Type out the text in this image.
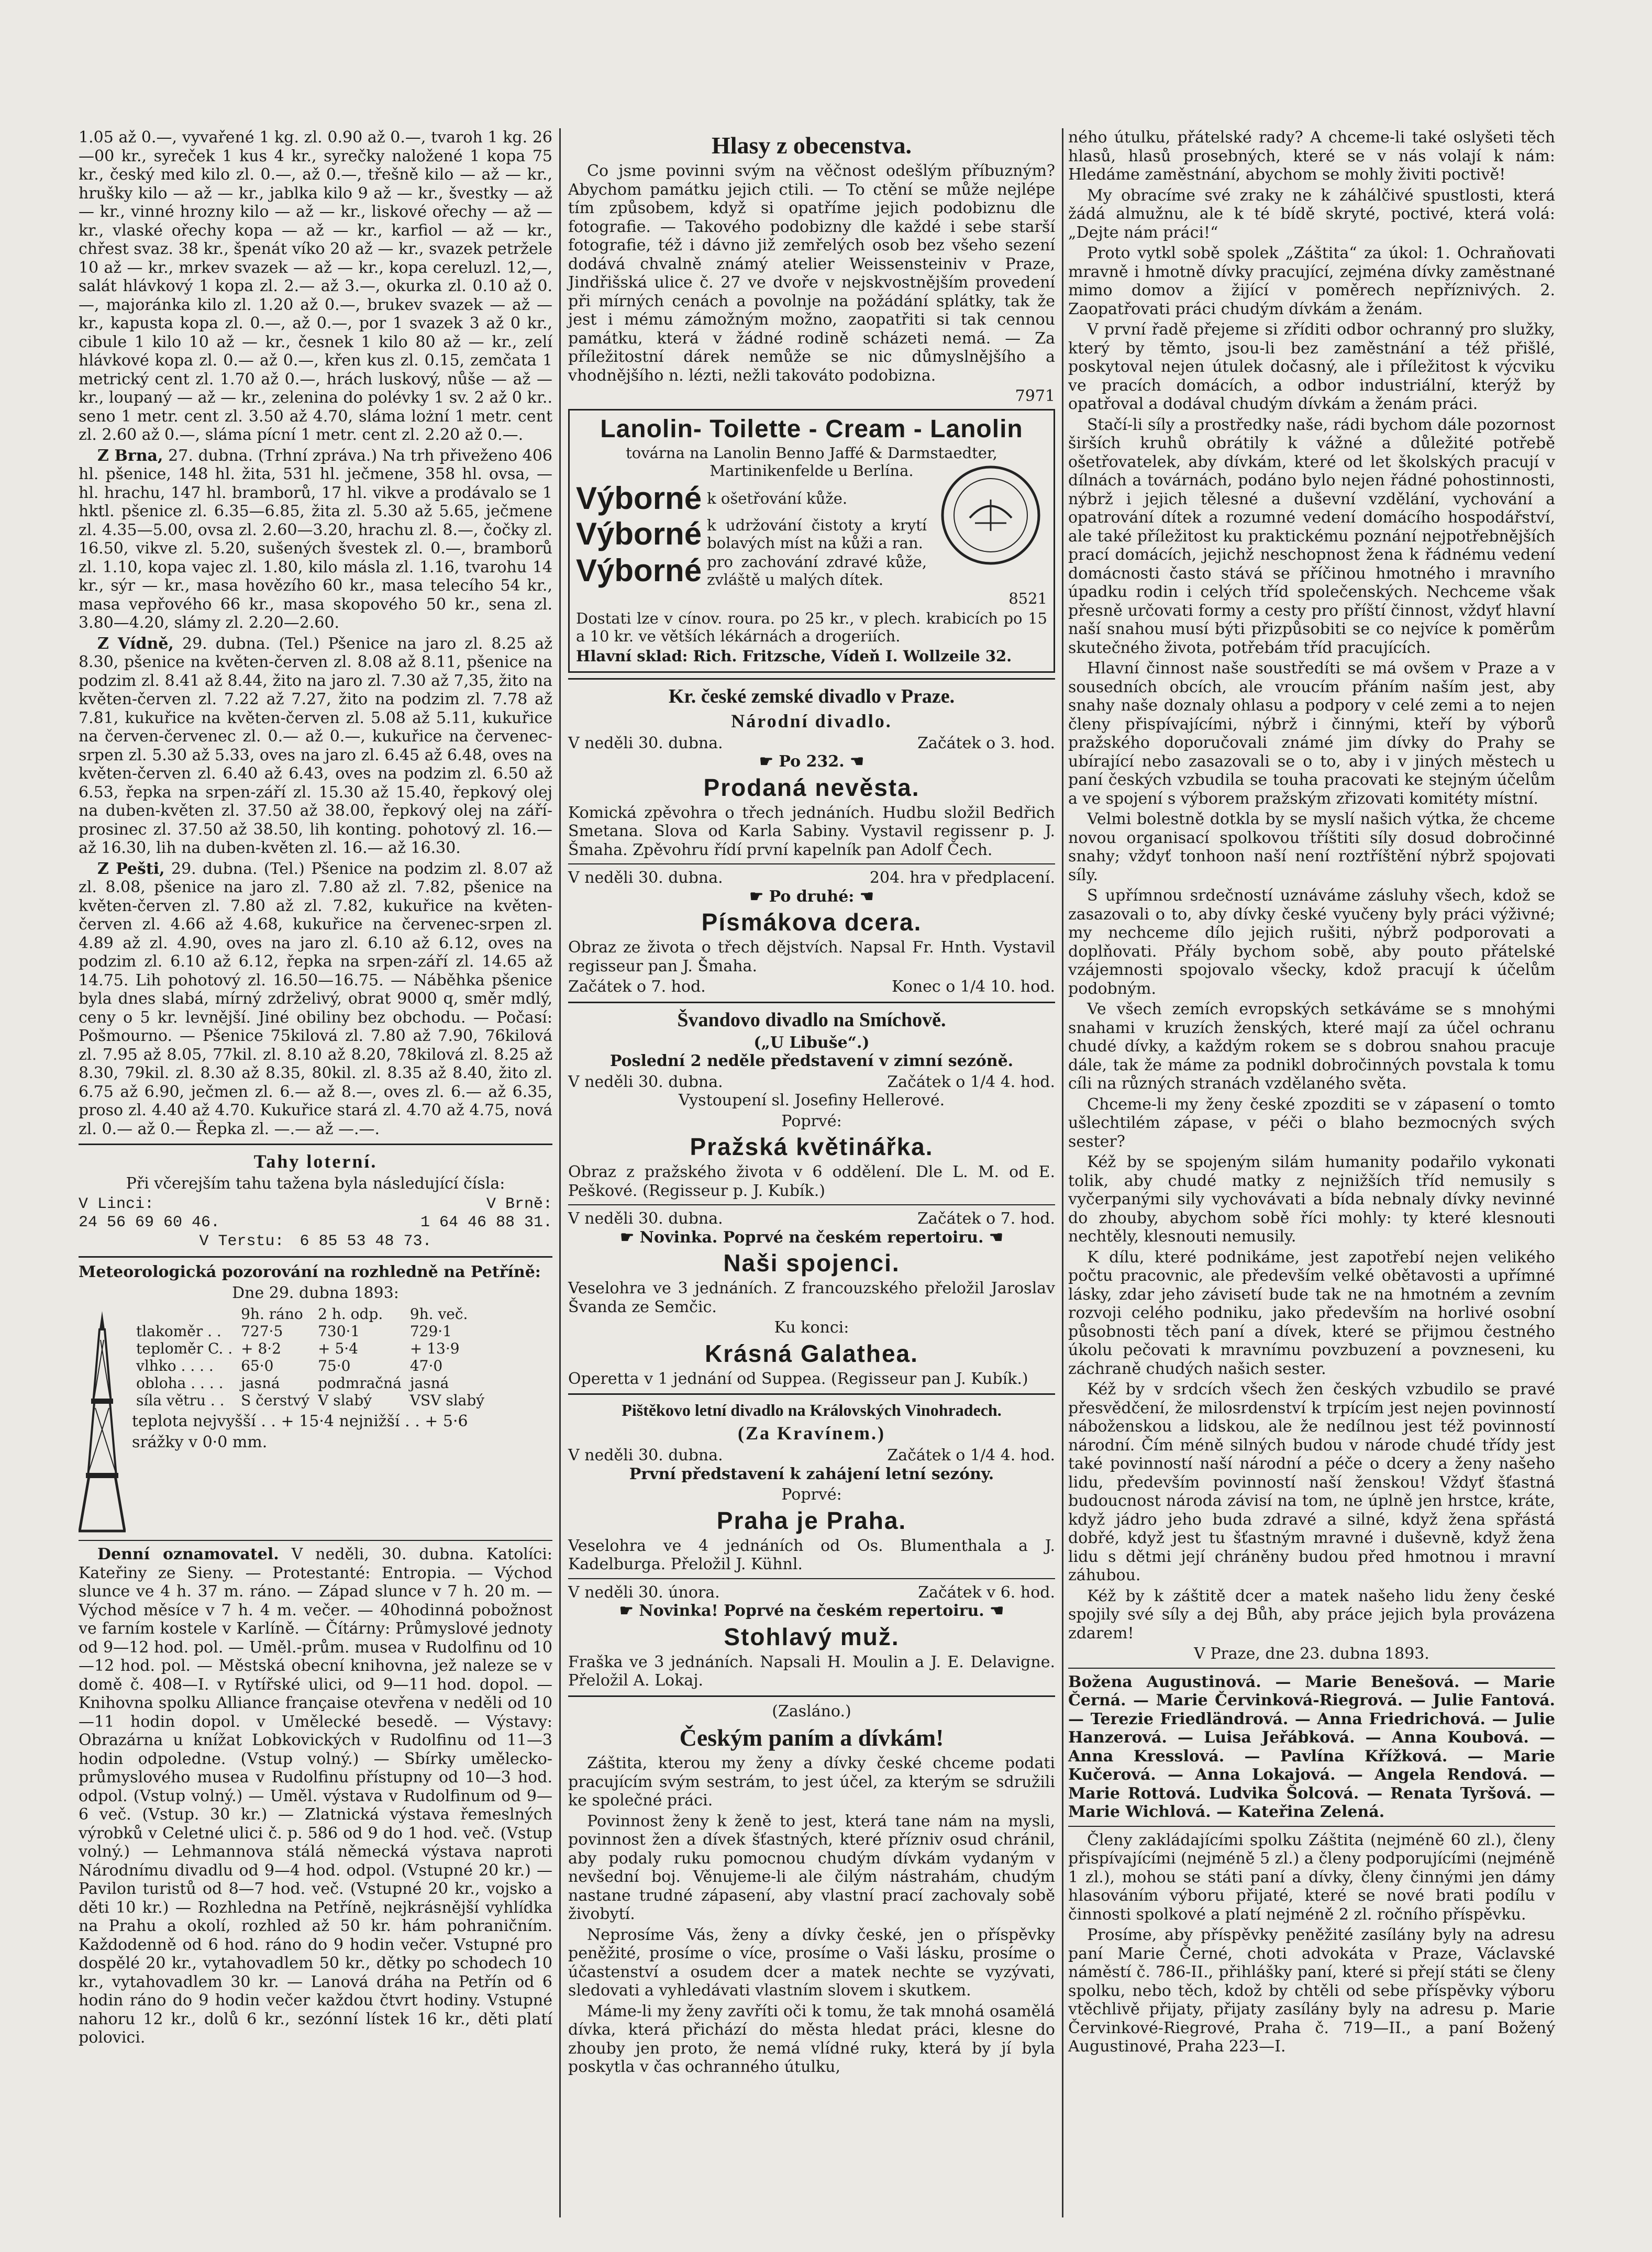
1.05 až 0.—, vyvařené 1 kg. zl. 0.90 až 0.—, tvaroh 1 kg. 26—00 kr., syreček 1 kus 4 kr., syrečky naložené 1 kopa 75 kr., český med kilo zl. 0.—, až 0.—, třešně kilo — až — kr., hrušky kilo — až — kr., jablka kilo 9 až — kr., švestky — až — kr., vinné hrozny kilo — až — kr., liskové ořechy — až — kr., vlaské ořechy kopa — až — kr., karfiol — až — kr., chřest svaz. 38 kr., špenát víko 20 až — kr., svazek petržele 10 až — kr., mrkev svazek — až — kr., kopa cereluzl. 12,—, salát hlávkový 1 kopa zl. 2.— až 3.—, okurka zl. 0.10 až 0.—, majoránka kilo zl. 1.20 až 0.—, brukev svazek — až — kr., kapusta kopa zl. 0.—, až 0.—, por 1 svazek 3 až 0 kr., cibule 1 kilo 10 až — kr., česnek 1 kilo 80 až — kr., zelí hlávkové kopa zl. 0.— až 0.—, křen kus zl. 0.15, zemčata 1 metrický cent zl. 1.70 až 0.—, hrách luskový, nůše — až — kr., loupaný — až — kr., zelenina do polévky 1 sv. 2 až 0 kr.. seno 1 metr. cent zl. 3.50 až 4.70, sláma lożní 1 metr. cent zl. 2.60 až 0.—, sláma pícní 1 metr. cent zl. 2.20 až 0.—.

Z Brna, 27. dubna. (Trhní zpráva.) Na trh přiveženo 406 hl. pšenice, 148 hl. žita, 531 hl. ječmene, 358 hl. ovsa, — hl. hrachu, 147 hl. bramborů, 17 hl. vikve a prodávalo se 1 hktl. pšenice zl. 6.35—6.85, žita zl. 5.30 až 5.65, ječmene zl. 4.35—5.00, ovsa zl. 2.60—3.20, hrachu zl. 8.—, čočky zl. 16.50, vikve zl. 5.20, sušených švestek zl. 0.—, bramborů zl. 1.10, kopa vajec zl. 1.80, kilo másla zl. 1.16, tvarohu 14 kr., sýr — kr., masa hovězího 60 kr., masa telecího 54 kr., masa vepřového 66 kr., masa skopového 50 kr., sena zl. 3.80—4.20, slámy zl. 2.20—2.60.

Z Vídně, 29. dubna. (Tel.) Pšenice na jaro zl. 8.25 až 8.30, pšenice na květen-červen zl. 8.08 až 8.11, pšenice na podzim zl. 8.41 až 8.44, žito na jaro zl. 7.30 až 7,35, žito na květen-červen zl. 7.22 až 7.27, žito na podzim zl. 7.78 až 7.81, kukuřice na květen-červen zl. 5.08 až 5.11, kukuřice na červen-červenec zl. 0.— až 0.—, kukuřice na červenec-srpen zl. 5.30 až 5.33, oves na jaro zl. 6.45 až 6.48, oves na květen-červen zl. 6.40 až 6.43, oves na podzim zl. 6.50 až 6.53, řepka na srpen-září zl. 15.30 až 15.40, řepkový olej na duben-květen zl. 37.50 až 38.00, řepkový olej na září-prosinec zl. 37.50 až 38.50, lih konting. pohotový zl. 16.— až 16.30, lih na duben-květen zl. 16.— až 16.30.

Z Pešti, 29. dubna. (Tel.) Pšenice na podzim zl. 8.07 až zl. 8.08, pšenice na jaro zl. 7.80 až zl. 7.82, pšenice na květen-červen zl. 7.80 až zl. 7.82, kukuřice na květen-červen zl. 4.66 až 4.68, kukuřice na červenec-srpen zl. 4.89 až zl. 4.90, oves na jaro zl. 6.10 až 6.12, oves na podzim zl. 6.10 až 6.12, řepka na srpen-září zl. 14.65 až 14.75. Lih pohotový zl. 16.50—16.75. — Náběhka pšenice byla dnes slabá, mírný zdrželivý, obrat 9000 q, směr mdlý, ceny o 5 kr. levnější. Jiné obiliny bez obchodu. — Počasí: Pošmourno. — Pšenice 75kilová zl. 7.80 až 7.90, 76kilová zl. 7.95 až 8.05, 77kil. zl. 8.10 až 8.20, 78kilová zl. 8.25 až 8.30, 79kil. zl. 8.30 až 8.35, 80kil. zl. 8.35 až 8.40, žito zl. 6.75 až 6.90, ječmen zl. 6.— až 8.—, oves zl. 6.— až 6.35, proso zl. 4.40 až 4.70. Kukuřice stará zl. 4.70 až 4.75, nová zl. 0.— až 0.— Řepka zl. —.— až —.—.

Tahy loterní.

Při včerejším tahu tažena byla následující čísla:

V Linci:	V Brně:
24 56 69 60 46.	1 64 46 88 31.
V Terstu: 6 85 53 48 73.

Meteorologická pozorování na rozhledně na Petříně:

Dne 29. dubna 1893:

	9h. ráno	2 h. odp.	9h. več.
tlakoměr . .	727·5	730·1	729·1
teploměr C. .	+ 8·2	+ 5·4	+ 13·9
vlhko . . . .	65·0	75·0	47·0
obloha . . . .	jasná	podmračná	jasná
síla větru . .	S čerstvý	V slabý	VSV slabý

teplota nejvyšší . . + 15·4 nejnižší . . + 5·6

srážky v 0·0 mm.

Denní oznamovatel. V neděli, 30. dubna. Katolíci: Kateřiny ze Sieny. — Protestanté: Entropia. — Východ slunce ve 4 h. 37 m. ráno. — Západ slunce v 7 h. 20 m. — Východ měsíce v 7 h. 4 m. večer. — 40hodinná pobožnost ve farním kostele v Karlíně. — Čítárny: Průmyslové jednoty od 9—12 hod. pol. — Uměl.-prům. musea v Rudolfinu od 10—12 hod. pol. — Městská obecní knihovna, jež naleze se v domě č. 408—I. v Rytířské ulici, od 9—11 hod. dopol. — Knihovna spolku Alliance française otevřena v neděli od 10—11 hodin dopol. v Umělecké besedě. — Výstavy: Obrazárna u knížat Lobkovických v Rudolfinu od 11—3 hodin odpoledne. (Vstup volný.) — Sbírky umělecko-průmyslového musea v Rudolfinu přístupny od 10—3 hod. odpol. (Vstup volný.) — Uměl. výstava v Rudolfinum od 9—6 več. (Vstup. 30 kr.) — Zlatnická výstava řemeslných výrobků v Celetné ulici č. p. 586 od 9 do 1 hod. več. (Vstup volný.) — Lehmannova stálá německá výstava naproti Národnímu divadlu od 9—4 hod. odpol. (Vstupné 20 kr.) — Pavilon turistů od 8—7 hod. več. (Vstupné 20 kr., vojsko a děti 10 kr.) — Rozhledna na Petříně, nejkrásnější vyhlídka na Prahu a okolí, rozhled až 50 kr. hám pohraničním. Každodenně od 6 hod. ráno do 9 hodin večer. Vstupné pro dospělé 20 kr., vytahovadlem 50 kr., dětky po schodech 10 kr., vytahovadlem 30 kr. — Lanová dráha na Petřín od 6 hodin ráno do 9 hodin večer každou čtvrt hodiny. Vstupné nahoru 12 kr., dolů 6 kr., sezónní lístek 16 kr., děti platí polovici.

Hlasy z obecenstva.

Co jsme povinni svým na věčnost odešlým příbuzným? Abychom památku jejich ctili. — To ctění se může nejlépe tím způsobem, když si opatříme jejich podobiznu dle fotografie. — Takového podobizny dle každé i sebe starší fotografie, též i dávno již zemřelých osob bez všeho sezení dodává chvalně známý atelier Weissensteiniv v Praze, Jindřišská ulice č. 27 ve dvoře v nejskvostnějším provedení při mírných cenách a povolnje na požádání splátky, tak že jest i mému zámožným možno, zaopatřiti si tak cennou památku, která v žádné rodině scházeti nemá. — Za příležitostní dárek nemůže se nic důmyslnějšího a vhodnějšího n. lézti, nežli takováto podobizna.

7971

Lanolin- Toilette - Cream - Lanolin

továrna na Lanolin Benno Jaffé & Darmstaedter, Martinikenfelde u Berlína.

Výborné k ošetřování kůže.
Výborné k udržování čistoty a krytí bolavých míst na kůži a ran.
Výborné pro zachování zdravé kůže, zvláště u malých dítek.

8521

Dostati lze v cínov. roura. po 25 kr., v plech. krabicích po 15 a 10 kr. ve větších lékárnách a drogeriích.

Hlavní sklad: Rich. Fritzsche, Vídeň I. Wollzeile 32.

Kr. české zemské divadlo v Praze.
Národní divadlo.
V neděli 30. dubna.	Začátek o 3. hod.
☛ Po 232. ☚
Prodaná nevěsta.

Komická zpěvohra o třech jednáních. Hudbu složil Bedřich Smetana. Slova od Karla Sabiny. Vystavil regissenr p. J. Šmaha. Zpěvohru řídí první kapelník pan Adolf Čech.

V neděli 30. dubna.	204. hra v předplacení.
☛ Po druhé: ☚
Písmákova dcera.

Obraz ze života o třech dějstvích. Napsal Fr. Hnth. Vystavil regisseur pan J. Šmaha.

Začátek o 7. hod.	Konec o 1/4 10. hod.
Švandovo divadlo na Smíchově.
(„U Libuše“.)

Poslední 2 neděle představení v zimní sezóně.

V neděli 30. dubna.	Začátek o 1/4 4. hod.

Vystoupení sl. Josefiny Hellerové.

Poprvé:

Pražská květinářka.

Obraz z pražského života v 6 oddělení. Dle L. M. od E. Peškové. (Regisseur p. J. Kubík.)

V neděli 30. dubna.	Začátek o 7. hod.
☛ Novinka. Poprvé na českém repertoiru. ☚
Naši spojenci.

Veselohra ve 3 jednáních. Z francouzského přeložil Jaroslav Švanda ze Semčic.

Ku konci:

Krásná Galathea.

Operetta v 1 jednání od Suppea. (Regisseur pan J. Kubík.)

Pištěkovo letní divadlo na Královských Vinohradech.
(Za Kravínem.)
V neděli 30. dubna.	Začátek o 1/4 4. hod.

První představení k zahájení letní sezóny.

Poprvé:

Praha je Praha.

Veselohra ve 4 jednáních od Os. Blumenthala a J. Kadelburga. Přeložil J. Kühnl.

V neděli 30. února.	Začátek v 6. hod.
☛ Novinka! Poprvé na českém repertoiru. ☚
Stohlavý muž.

Fraška ve 3 jednáních. Napsali H. Moulin a J. E. Delavigne. Přeložil A. Lokaj.

(Zasláno.)

Českým paním a dívkám!

Záštita, kterou my ženy a dívky české chceme podati pracujícím svým sestrám, to jest účel, za kterým se sdružili ke společné práci.

Povinnost ženy k ženě to jest, která tane nám na mysli, povinnost žen a dívek šťastných, které přízniv osud chránil, aby podaly ruku pomocnou chudým dívkám vydaným v nevšední boj. Věnujeme-li ale čilým nástrahám, chudým nastane trudné zápasení, aby vlastní prací zachovaly sobě živobytí.

Neprosíme Vás, ženy a dívky české, jen o příspěvky peněžité, prosíme o více, prosíme o Vaši lásku, prosíme o účastenství a osudem dcer a matek nechte se vyzývati, sledovati a vyhledávati vlastním slovem i skutkem.

Máme-li my ženy zavříti oči k tomu, že tak mnohá osamělá dívka, která přichází do města hledat práci, klesne do zhouby jen proto, že nemá vlídné ruky, která by jí byla poskytla v čas ochranného útulku,

ného útulku, přátelské rady? A chceme-li také oslyšeti těch hlasů, hlasů prosebných, které se v nás volají k nám: Hledáme zaměstnání, abychom se mohly živiti poctivě!

My obracíme své zraky ne k záhálčivé spustlosti, která žádá almužnu, ale k té bídě skryté, poctivé, která volá: „Dejte nám práci!“

Proto vytkl sobě spolek „Záštita“ za úkol: 1. Ochraňovati mravně i hmotně dívky pracující, zejména dívky zaměstnané mimo domov a žijící v poměrech nepříznivých. 2. Zaopatřovati práci chudým dívkám a ženám.

V první řadě přejeme si zříditi odbor ochranný pro služky, který by těmto, jsou-li bez zaměstnání a též přišlé, poskytoval nejen útulek dočasný, ale i příležitost k výcviku ve pracích domácích, a odbor industriální, kterýž by opatřoval a dodával chudým dívkám a ženám práci.

Stačí-li síly a prostředky naše, rádi bychom dále pozornost širších kruhů obrátily k vážné a důležité potřebě ošetřovatelek, aby dívkám, které od let školských pracují v dílnách a továrnách, podáno bylo nejen řádné pohostinnosti, nýbrž i jejich tělesné a duševní vzdělání, vychování a opatrování dítek a rozumné vedení domácího hospodářství, ale také příležitost ku praktickému poznání nejpotřebnějších prací domácích, jejichž neschopnost žena k řádnému vedení domácnosti často stává se příčinou hmotného i mravního úpadku rodin i celých tříd společenských. Nechceme však přesně určovati formy a cesty pro příští činnost, vždyť hlavní naší snahou musí býti přizpůsobiti se co nejvíce k poměrům skutečného života, potřebám tříd pracujících.

Hlavní činnost naše soustředíti se má ovšem v Praze a v sousedních obcích, ale vroucím přáním naším jest, aby snahy naše doznaly ohlasu a podpory v celé zemi a to nejen členy přispívajícími, nýbrž i činnými, kteří by výborů pražského doporučovali známé jim dívky do Prahy se ubírající nebo zasazovali se o to, aby i v jiných městech u paní českých vzbudila se touha pracovati ke stejným účelům a ve spojení s výborem pražským zřizovati komitéty místní.

Velmi bolestně dotkla by se myslí našich výtka, že chceme novou organisací spolkovou tříštiti síly dosud dobročinné snahy; vždyť tonhoon naší není roztříštění nýbrž spojovati síly.

S upřímnou srdečností uznáváme zásluhy všech, kdož se zasazovali o to, aby dívky české vyučeny byly práci výživné; my nechceme dílo jejich rušiti, nýbrž podporovati a doplňovati. Přály bychom sobě, aby pouto přátelské vzájemnosti spojovalo všecky, kdož pracují k účelům podobným.

Ve všech zemích evropských setkáváme se s mnohými snahami v kruzích ženských, které mají za účel ochranu chudé dívky, a každým rokem se s dobrou snahou pracuje dále, tak že máme za podnikl dobročinných povstala k tomu cíli na různých stranách vzdělaného světa.

Chceme-li my ženy české zpozditi se v zápasení o tomto ušlechtilém zápase, v péči o blaho bezmocných svých sester?

Kéž by se spojeným silám humanity podařilo vykonati tolik, aby chudé matky z nejnižších tříd nemusily s vyčerpanými sily vychovávati a bída nebnaly dívky nevinné do zhouby, abychom sobě říci mohly: ty které klesnouti nechtěly, klesnouti nemusily.

K dílu, které podnikáme, jest zapotřebí nejen velikého počtu pracovnic, ale především velké obětavosti a upřímné lásky, zdar jeho závisetí bude tak ne na hmotném a zevním rozvoji celého podniku, jako především na horlivé osobní působnosti těch paní a dívek, které se přijmou čestného úkolu pečovati k mravnímu povzbuzení a povzneseni, ku záchraně chudých našich sester.

Kéž by v srdcích všech žen českých vzbudilo se pravé přesvědčení, že milosrdenství k trpícím jest nejen povinností náboženskou a lidskou, ale že nedílnou jest též povinností národní. Čím méně silných budou v národe chudé třídy jest také povinností naší národní a péče o dcery a ženy našeho lidu, především povinností naší ženskou! Vždyť šťastná budoucnost národa závisí na tom, ne úplně jen hrstce, kráte, když jádro jeho buda zdravé a silné, když žena spřástá dobřé, když jest tu šťastným mravné i duševně, když žena lidu s dětmi její chráněny budou před hmotnou i mravní záhubou.

Kéž by k záštitě dcer a matek našeho lidu ženy české spojily své síly a dej Bůh, aby práce jejich byla provázena zdarem!

V Praze, dne 23. dubna 1893.

Božena Augustinová. — Marie Benešová. — Marie Černá. — Marie Červinková-Riegrová. — Julie Fantová. — Terezie Friedländrová. — Anna Friedrichová. — Julie Hanzerová. — Luisa Jeřábková. — Anna Koubová. — Anna Kresslová. — Pavlína Křížková. — Marie Kučerová. — Anna Lokajová. — Angela Rendová. — Marie Rottová. Ludvika Šolcová. — Renata Tyršová. — Marie Wichlová. — Kateřina Zelená.

Členy zakládajícími spolku Záštita (nejméně 60 zl.), členy přispívajícími (nejméně 5 zl.) a členy podporujícími (nejméně 1 zl.), mohou se státi paní a dívky, členy činnými jen dámy hlasováním výboru přijaté, které se nové brati podílu v činnosti spolkové a platí nejméně 2 zl. ročního příspěvku.

Prosíme, aby příspěvky peněžité zasílány byly na adresu paní Marie Černé, choti advokáta v Praze, Václavské náměstí č. 786-II., přihlášky paní, které si přejí státi se členy spolku, nebo těch, kdož by chtěli od sebe příspěvky výboru vtěchlivě přijaty, přijaty zasílány byly na adresu p. Marie Červinkové-Riegrové, Praha č. 719—II., a paní Božený Augustinové, Praha 223—I.
